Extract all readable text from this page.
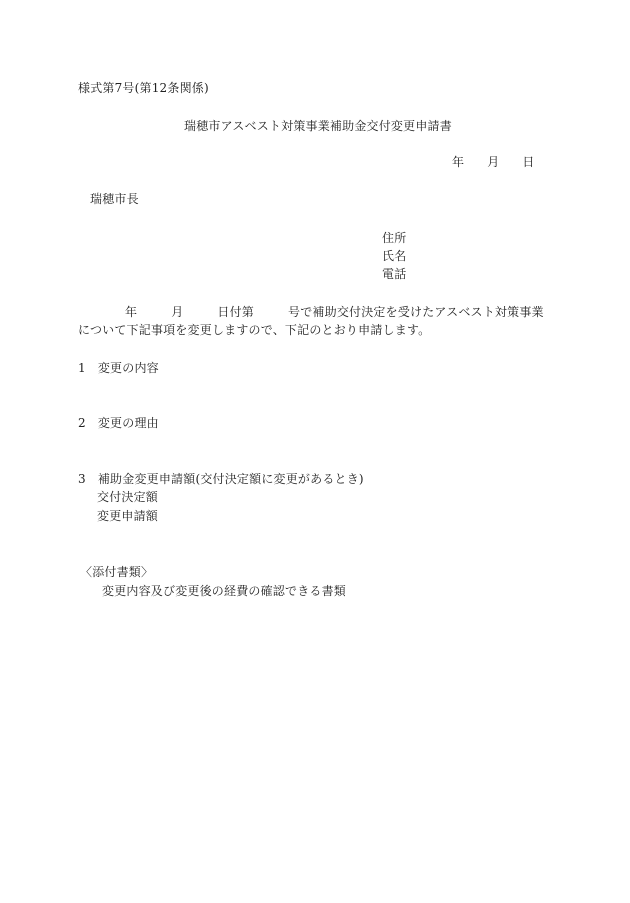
様式第7号(第12条関係)
瑞穂市アスベスト対策事業補助金交付変更申請書
年 月 日
瑞穂市長
住所
氏名
電話
年	月	日付第	号で補助交付決定を受けたアスベスト対策事業
について下記事項を変更しますので、下記のとおり申請します。
1 変更の内容
2 変更の理由
3 補助金変更申請額(交付決定額に変更があるとき)
交付決定額
変更申請額
〈添付書類〉
変更内容及び変更後の経費の確認できる書類
